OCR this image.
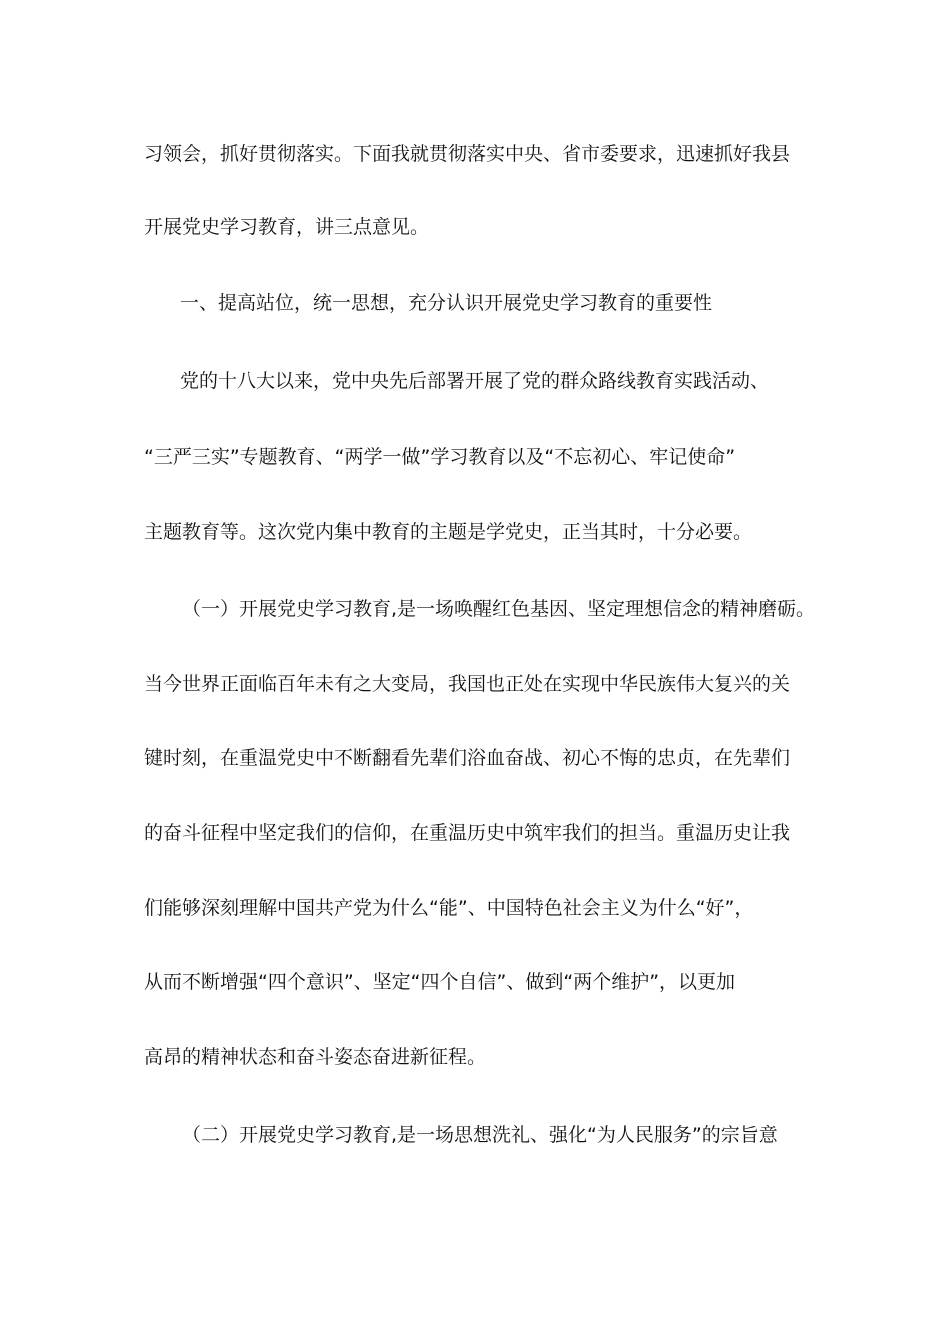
习领会，抓好贯彻落实。下面我就贯彻落实中央、省市委要求，迅速抓好我县
开展党史学习教育，讲三点意见。
一、提高站位，统一思想，充分认识开展党史学习教育的重要性
党的十八大以来，党中央先后部署开展了党的群众路线教育实践活动、
“三严三实”专题教育、“两学一做”学习教育以及“不忘初心、牢记使命”
主题教育等。这次党内集中教育的主题是学党史，正当其时，十分必要。
（一）开展党史学习教育,是一场唤醒红色基因、坚定理想信念的精神磨砺。
当今世界正面临百年未有之大变局，我国也正处在实现中华民族伟大复兴的关
键时刻，在重温党史中不断翻看先辈们浴血奋战、初心不悔的忠贞，在先辈们
的奋斗征程中坚定我们的信仰，在重温历史中筑牢我们的担当。重温历史让我
们能够深刻理解中国共产党为什么“能”、中国特色社会主义为什么“好”，
从而不断增强“四个意识”、坚定“四个自信”、做到“两个维护”，以更加
高昂的精神状态和奋斗姿态奋进新征程。
（二）开展党史学习教育,是一场思想洗礼、强化“为人民服务”的宗旨意
